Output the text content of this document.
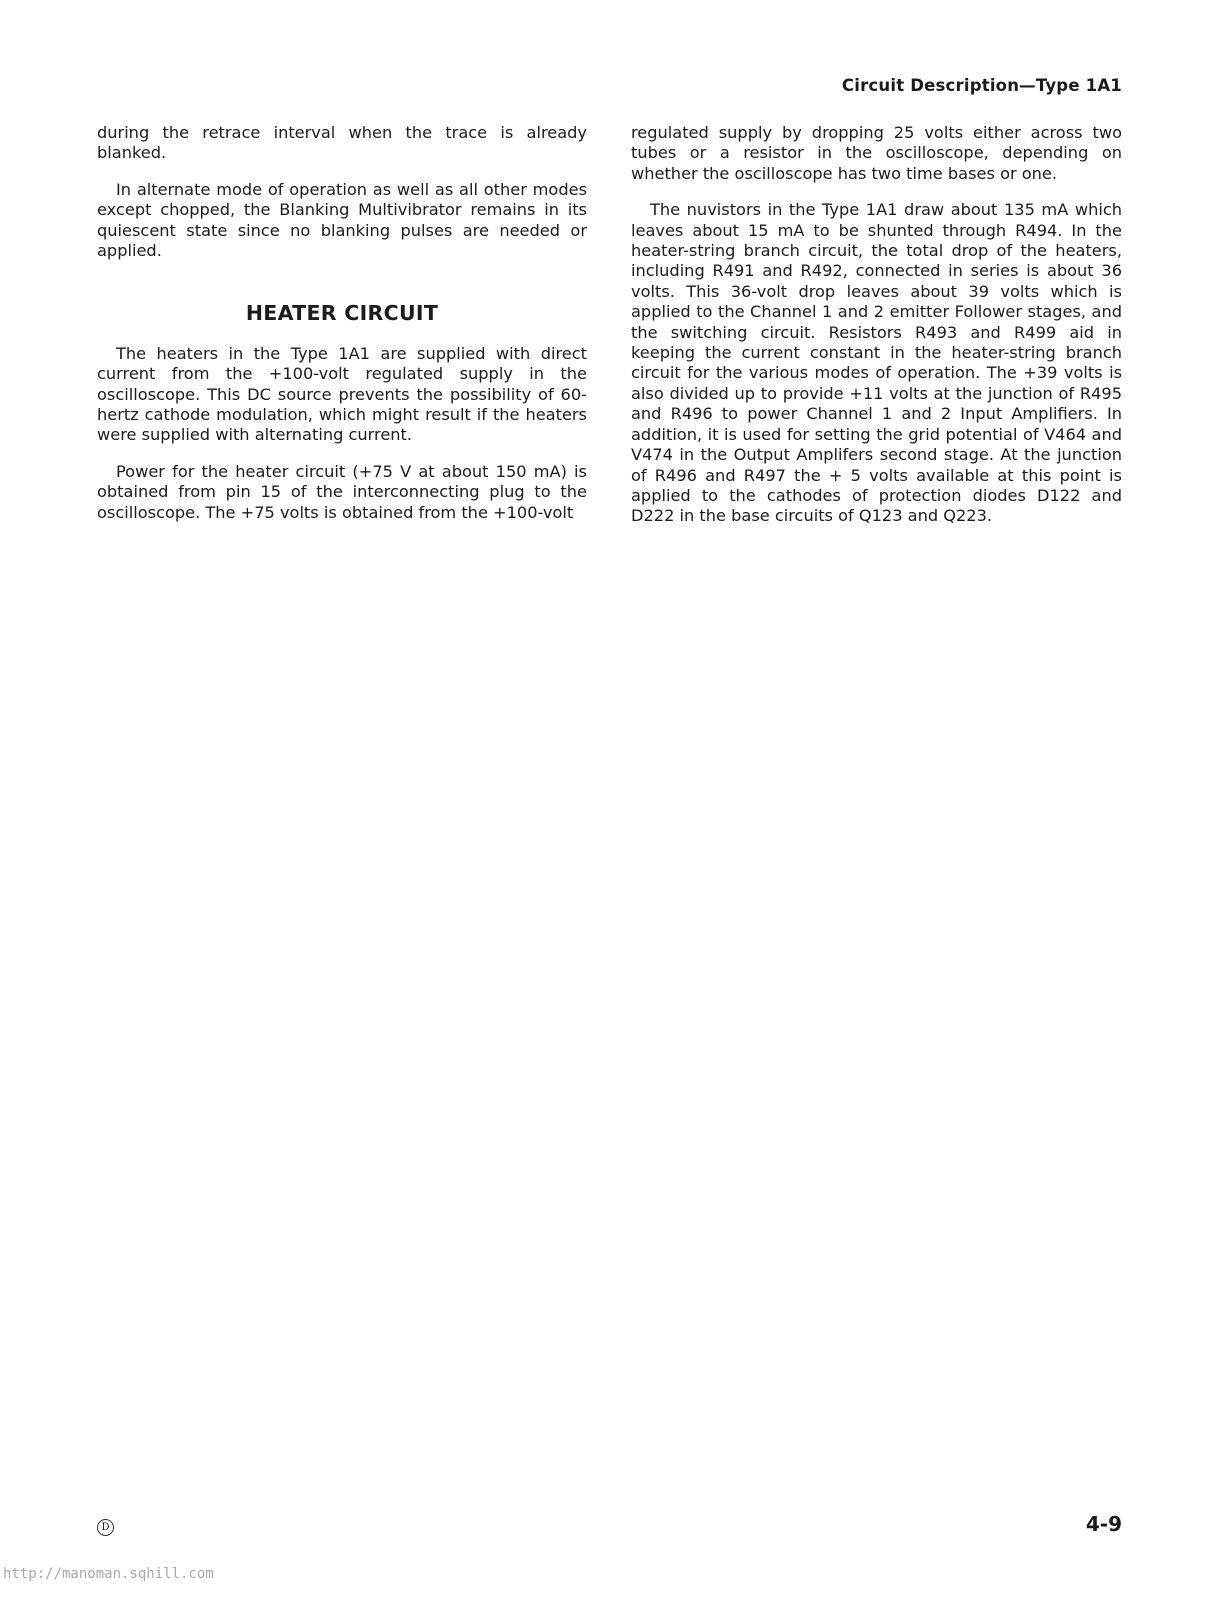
Circuit Description—Type 1A1

during the retrace interval when the trace is already blanked.

In alternate mode of operation as well as all other modes except chopped, the Blanking Multivibrator remains in its quiescent state since no blanking pulses are needed or applied.

HEATER CIRCUIT

The heaters in the Type 1A1 are supplied with direct current from the +100-volt regulated supply in the oscilloscope. This DC source prevents the possibility of 60-hertz cathode modulation, which might result if the heaters were supplied with alternating current.

Power for the heater circuit (+75 V at about 150 mA) is obtained from pin 15 of the interconnecting plug to the oscilloscope. The +75 volts is obtained from the +100-volt

regulated supply by dropping 25 volts either across two tubes or a resistor in the oscilloscope, depending on whether the oscilloscope has two time bases or one.

The nuvistors in the Type 1A1 draw about 135 mA which leaves about 15 mA to be shunted through R494. In the heater-string branch circuit, the total drop of the heaters, including R491 and R492, connected in series is about 36 volts. This 36-volt drop leaves about 39 volts which is applied to the Channel 1 and 2 emitter Follower stages, and the switching circuit. Resistors R493 and R499 aid in keeping the current constant in the heater-string branch circuit for the various modes of operation. The +39 volts is also divided up to provide +11 volts at the junction of R495 and R496 to power Channel 1 and 2 Input Amplifiers. In addition, it is used for setting the grid potential of V464 and V474 in the Output Amplifers second stage. At the junction of R496 and R497 the + 5 volts available at this point is applied to the cathodes of protection diodes D122 and D222 in the base circuits of Q123 and Q223.

D	4-9
http://manoman.sqhill.com
